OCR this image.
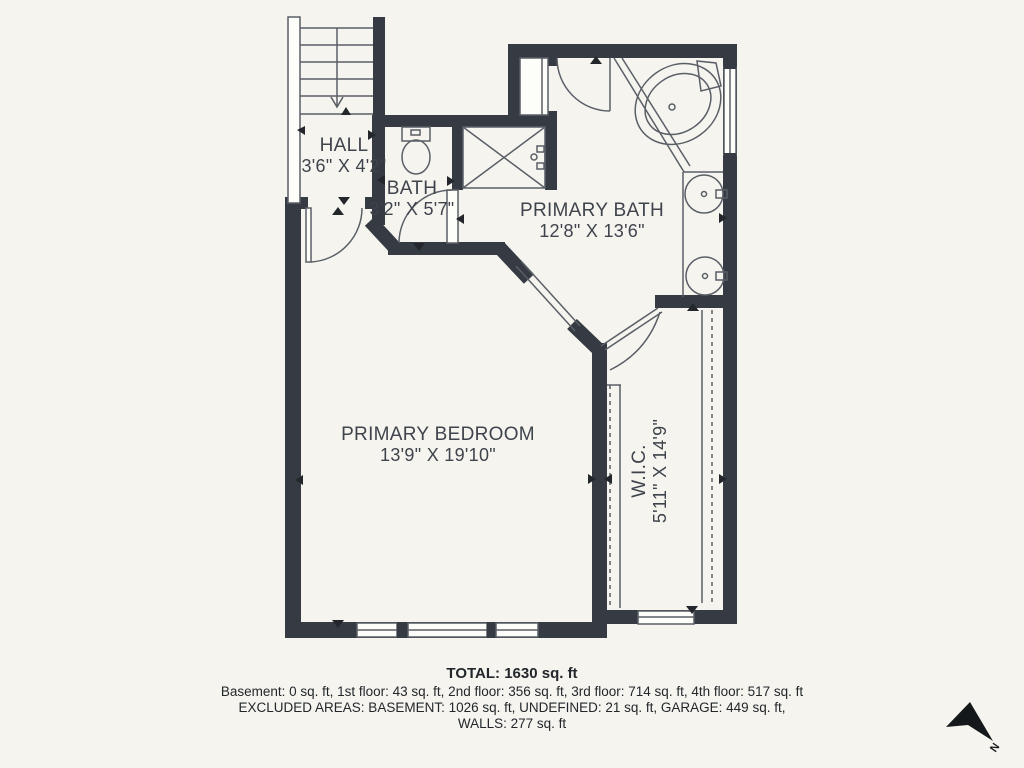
HALL
3'6" X 4'2"
BATH
3'2" X 5'7"	PRIMARY BATH
12'8" X 13'6"
PRIMARY BEDROOM
13'9" X 19'10"	W.I.C. 5'11" X 14'9"
TOTAL: 1630 sq. ft
Basement: 0 sq. ft, 1st floor: 43 sq. ft, 2nd floor: 356 sq. ft, 3rd floor: 714 sq. ft, 4th floor: 517 sq. ft
EXCLUDED AREAS: BASEMENT: 1026 sq. ft, UNDEFINED: 21 sq. ft, GARAGE: 449 sq. ft,
WALLS: 277 sq. ft
N
